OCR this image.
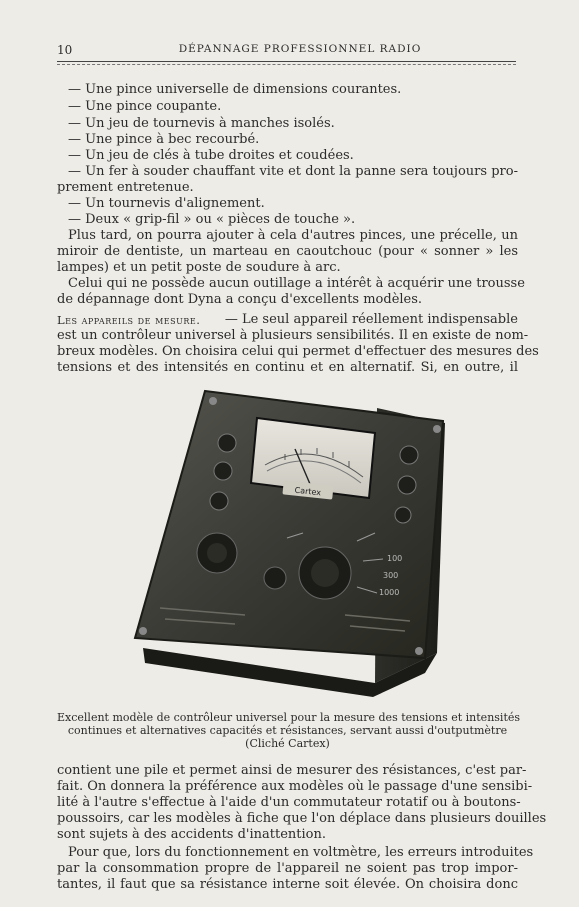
10	DÉPANNAGE PROFESSIONNEL RADIO
— Une pince universelle de dimensions courantes.
— Une pince coupante.
— Un jeu de tournevis à manches isolés.
— Une pince à bec recourbé.
— Un jeu de clés à tube droites et coudées.
— Un fer à souder chauffant vite et dont la panne sera toujours pro-
prement entretenue.
— Un tournevis d'alignement.
— Deux « grip-fil » ou « pièces de touche ».
Plus tard, on pourra ajouter à cela d'autres pinces, une précelle, un
miroir de dentiste, un marteau en caoutchouc (pour « sonner » les
lampes) et un petit poste de soudure à arc.
Celui qui ne possède aucun outillage a intérêt à acquérir une trousse
de dépannage dont Dyna a conçu d'excellents modèles.
Les appareils de mesure. — Le seul appareil réellement indispensable
est un contrôleur universel à plusieurs sensibilités. Il en existe de nom-
breux modèles. On choisira celui qui permet d'effectuer des mesures des
tensions et des intensités en continu et en alternatif. Si, en outre, il
Cartex
100
300
1000
Excellent modèle de contrôleur universel pour la mesure des tensions et intensités
continues et alternatives capacités et résistances, servant aussi d'outputmètre
(Cliché Cartex)
contient une pile et permet ainsi de mesurer des résistances, c'est par-
fait. On donnera la préférence aux modèles où le passage d'une sensibi-
lité à l'autre s'effectue à l'aide d'un commutateur rotatif ou à boutons-
poussoirs, car les modèles à fiche que l'on déplace dans plusieurs douilles
sont sujets à des accidents d'inattention.
Pour que, lors du fonctionnement en voltmètre, les erreurs introduites
par la consommation propre de l'appareil ne soient pas trop impor-
tantes, il faut que sa résistance interne soit élevée. On choisira donc
